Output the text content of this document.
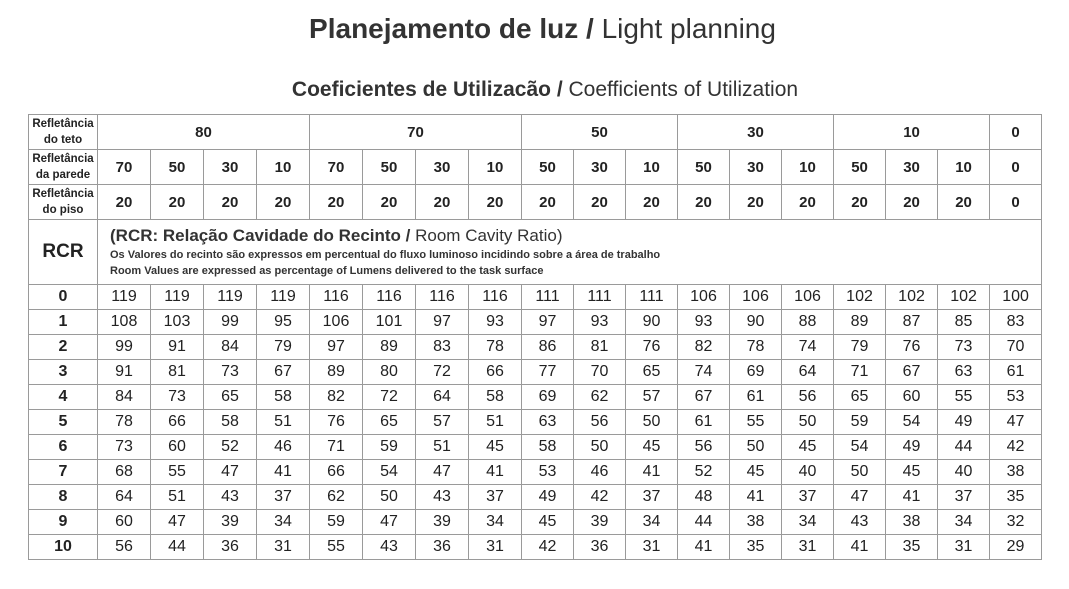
Planejamento de luz / Light planning
Coeficientes de Utilizacão / Coefficients of Utilization
Refletância do teto	80				70				50			30			10			0
Refletância da parede	70	50	30	10	70	50	30	10	50	30	10	50	30	10	50	30	10	0
Refletância do piso	20	20	20	20	20	20	20	20	20	20	20	20	20	20	20	20	20	0
RCR	(RCR: Relação Cavidade do Recinto / Room Cavity Ratio)
Os Valores do recinto são expressos em percentual do fluxo luminoso incidindo sobre a área de trabalho
Room Values are expressed as percentage of Lumens delivered to the task surface																	

0	119	119	119	119	116	116	116	116	111	111	111	106	106	106	102	102	102	100
1	108	103	99	95	106	101	97	93	97	93	90	93	90	88	89	87	85	83
2	99	91	84	79	97	89	83	78	86	81	76	82	78	74	79	76	73	70
3	91	81	73	67	89	80	72	66	77	70	65	74	69	64	71	67	63	61
4	84	73	65	58	82	72	64	58	69	62	57	67	61	56	65	60	55	53
5	78	66	58	51	76	65	57	51	63	56	50	61	55	50	59	54	49	47
6	73	60	52	46	71	59	51	45	58	50	45	56	50	45	54	49	44	42
7	68	55	47	41	66	54	47	41	53	46	41	52	45	40	50	45	40	38
8	64	51	43	37	62	50	43	37	49	42	37	48	41	37	47	41	37	35
9	60	47	39	34	59	47	39	34	45	39	34	44	38	34	43	38	34	32
10	56	44	36	31	55	43	36	31	42	36	31	41	35	31	41	35	31	29
